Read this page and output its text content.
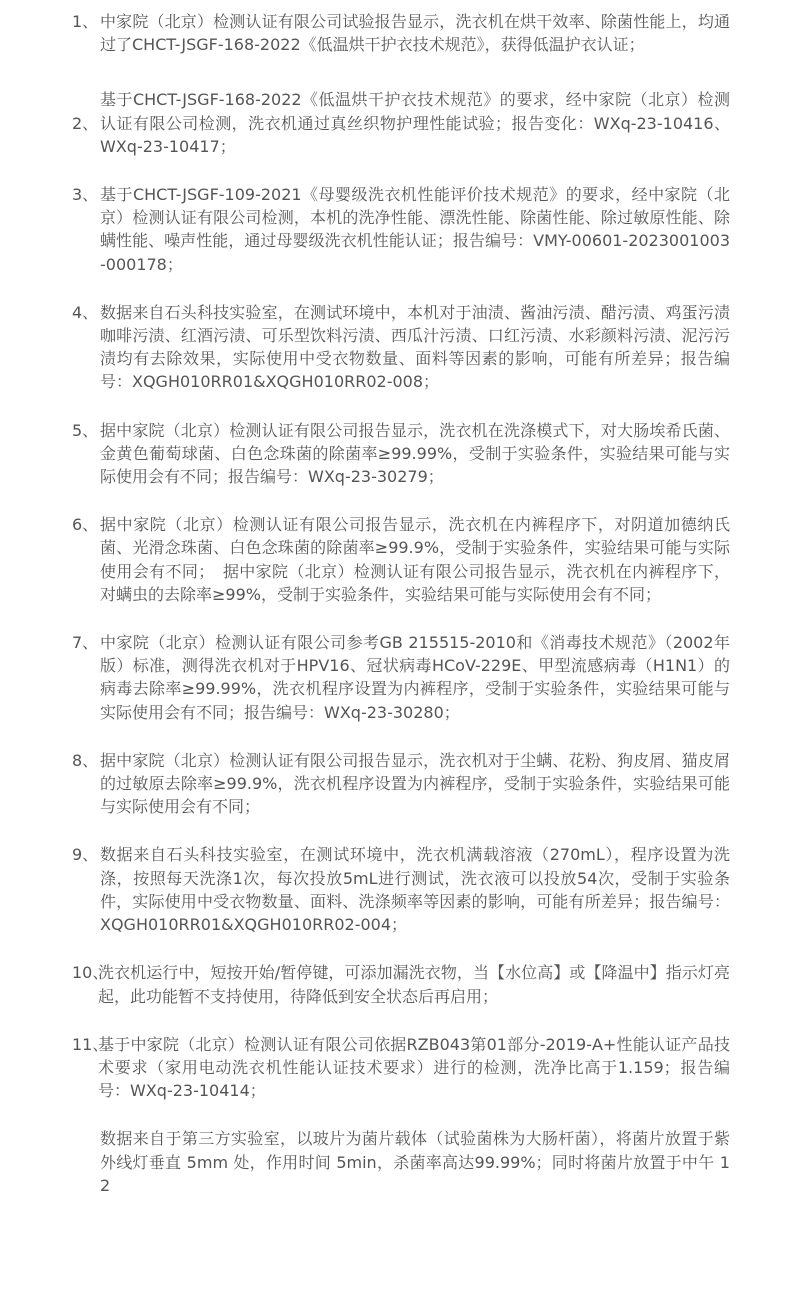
1、 中家院（北京）检测认证有限公司试验报告显示，洗衣机在烘干效率、除菌性能上，均通过了CHCT-JSGF-168-2022《低温烘干护衣技术规范》，获得低温护衣认证；
2、
基于CHCT-JSGF-168-2022《低温烘干护衣技术规范》的要求，经中家院（北京）检测认证有限公司检测，洗衣机通过真丝织物护理性能试验；报告变化：WXq-23-10416、WXq-23-10417；
3、 基于CHCT-JSGF-109-2021《母婴级洗衣机性能评价技术规范》的要求，经中家院（北京）检测认证有限公司检测，本机的洗净性能、漂洗性能、除菌性能、除过敏原性能、除螨性能、噪声性能，通过母婴级洗衣机性能认证；报告编号：VMY-00601-2023001003-000178；
4、 数据来自石头科技实验室，在测试环境中，本机对于油渍、酱油污渍、醋污渍、鸡蛋污渍咖啡污渍、红酒污渍、可乐型饮料污渍、西瓜汁污渍、口红污渍、水彩颜料污渍、泥污污渍均有去除效果，实际使用中受衣物数量、面料等因素的影响，可能有所差异；报告编号：XQGH010RR01&XQGH010RR02-008；
5、 据中家院（北京）检测认证有限公司报告显示，洗衣机在洗涤模式下，对大肠埃希氏菌、金黄色葡萄球菌、白色念珠菌的除菌率≥99.99%，受制于实验条件，实验结果可能与实际使用会有不同；报告编号：WXq-23-30279；
6、 据中家院（北京）检测认证有限公司报告显示，洗衣机在内裤程序下，对阴道加德纳氏菌、光滑念珠菌、白色念珠菌的除菌率≥99.9%，受制于实验条件，实验结果可能与实际使用会有不同；　据中家院（北京）检测认证有限公司报告显示，洗衣机在内裤程序下，对螨虫的去除率≥99%，受制于实验条件，实验结果可能与实际使用会有不同；
7、 中家院（北京）检测认证有限公司参考GB 215515-2010和《消毒技术规范》（2002年版）标准，测得洗衣机对于HPV16、冠状病毒HCoV-229E、甲型流感病毒（H1N1）的病毒去除率≥99.99%，洗衣机程序设置为内裤程序，受制于实验条件，实验结果可能与实际使用会有不同；报告编号：WXq-23-30280；
8、 据中家院（北京）检测认证有限公司报告显示，洗衣机对于尘螨、花粉、狗皮屑、猫皮屑的过敏原去除率≥99.9%，洗衣机程序设置为内裤程序，受制于实验条件，实验结果可能与实际使用会有不同；
9、 数据来自石头科技实验室，在测试环境中，洗衣机满载溶液（270mL），程序设置为洗涤，按照每天洗涤1次，每次投放5mL进行测试，洗衣液可以投放54次，受制于实验条件，实际使用中受衣物数量、面料、洗涤频率等因素的影响，可能有所差异；报告编号：XQGH010RR01&XQGH010RR02-004；
10、
洗衣机运行中，短按开始/暂停键，可添加漏洗衣物，当【水位高】或【降温中】指示灯亮起，此功能暂不支持使用，待降低到安全状态后再启用；
11、
基于中家院（北京）检测认证有限公司依据RZB043第01部分-2019-A+性能认证产品技术要求（家用电动洗衣机性能认证技术要求）进行的检测，洗净比高于1.159；报告编号：WXq-23-10414；
数据来自于第三方实验室，以玻片为菌片载体（试验菌株为大肠杆菌），将菌片放置于紫外线灯垂直 5mm 处，作用时间 5min，杀菌率高达99.99%；同时将菌片放置于中午 12
